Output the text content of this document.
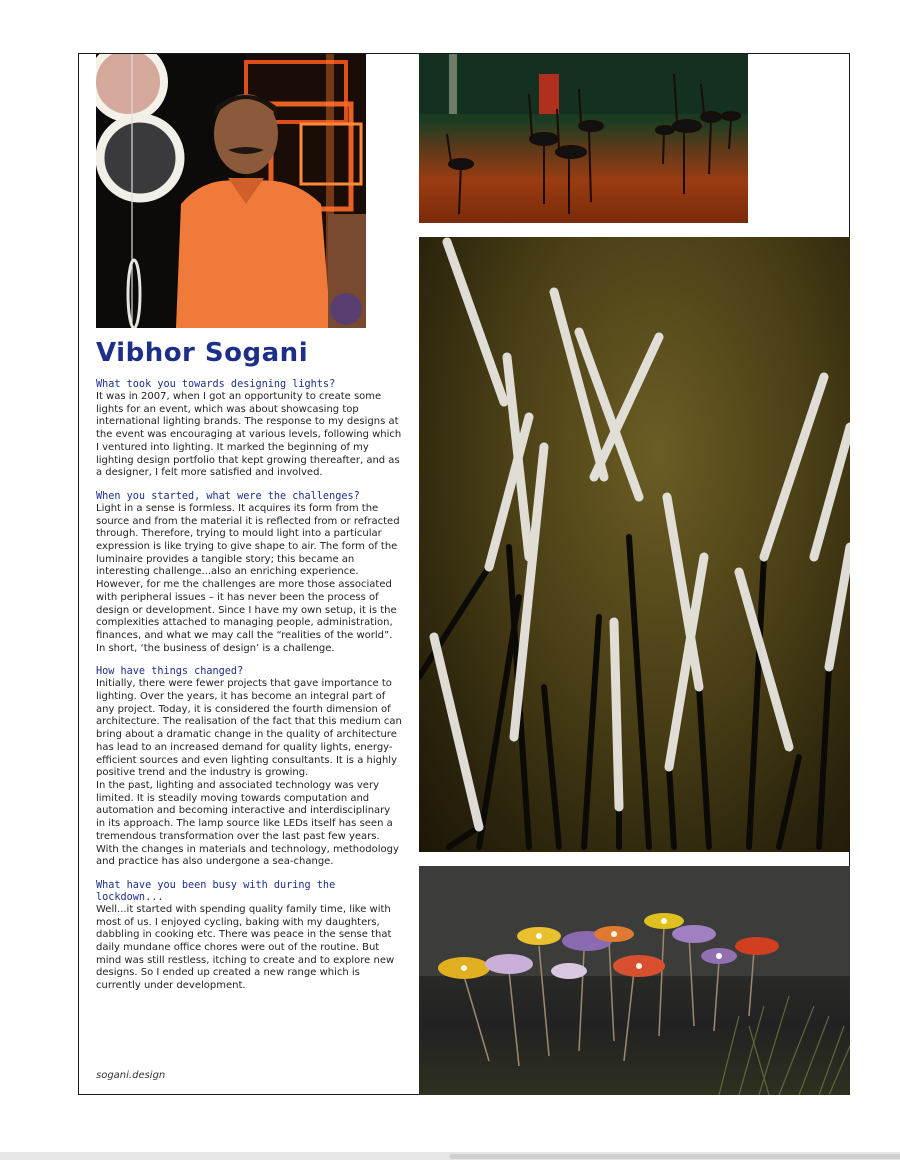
Vibhor Sogani

What took you towards designing lights?

It was in 2007, when I got an opportunity to create some lights for an event, which was about showcasing top international lighting brands. The response to my designs at the event was encouraging at various levels, following which I ventured into lighting. It marked the beginning of my lighting design portfolio that kept growing thereafter, and as a designer, I felt more satisfied and involved.

When you started, what were the challenges?

Light in a sense is formless. It acquires its form from the source and from the material it is reflected from or refracted through. Therefore, trying to mould light into a particular expression is like trying to give shape to air. The form of the luminaire provides a tangible story; this became an interesting challenge...also an enriching experience.

However, for me the challenges are more those associated with peripheral issues – it has never been the process of design or development. Since I have my own setup, it is the complexities attached to managing people, administration, finances, and what we may call the “realities of the world”. In short, ‘the business of design’ is a challenge.

How have things changed?

Initially, there were fewer projects that gave importance to lighting. Over the years, it has become an integral part of any project. Today, it is considered the fourth dimension of architecture. The realisation of the fact that this medium can bring about a dramatic change in the quality of architecture has lead to an increased demand for quality lights, energy-efficient sources and even lighting consultants. It is a highly positive trend and the industry is growing.

In the past, lighting and associated technology was very limited. It is steadily moving towards computation and automation and becoming interactive and interdisciplinary in its approach. The lamp source like LEDs itself has seen a tremendous transformation over the last past few years. With the changes in materials and technology, methodology and practice has also undergone a sea-change.

What have you been busy with during the lockdown...

Well...it started with spending quality family time, like with most of us. I enjoyed cycling, baking with my daughters, dabbling in cooking etc. There was peace in the sense that daily mundane office chores were out of the routine. But mind was still restless, itching to create and to explore new designs. So I ended up created a new range which is currently under development.

sogani.design
